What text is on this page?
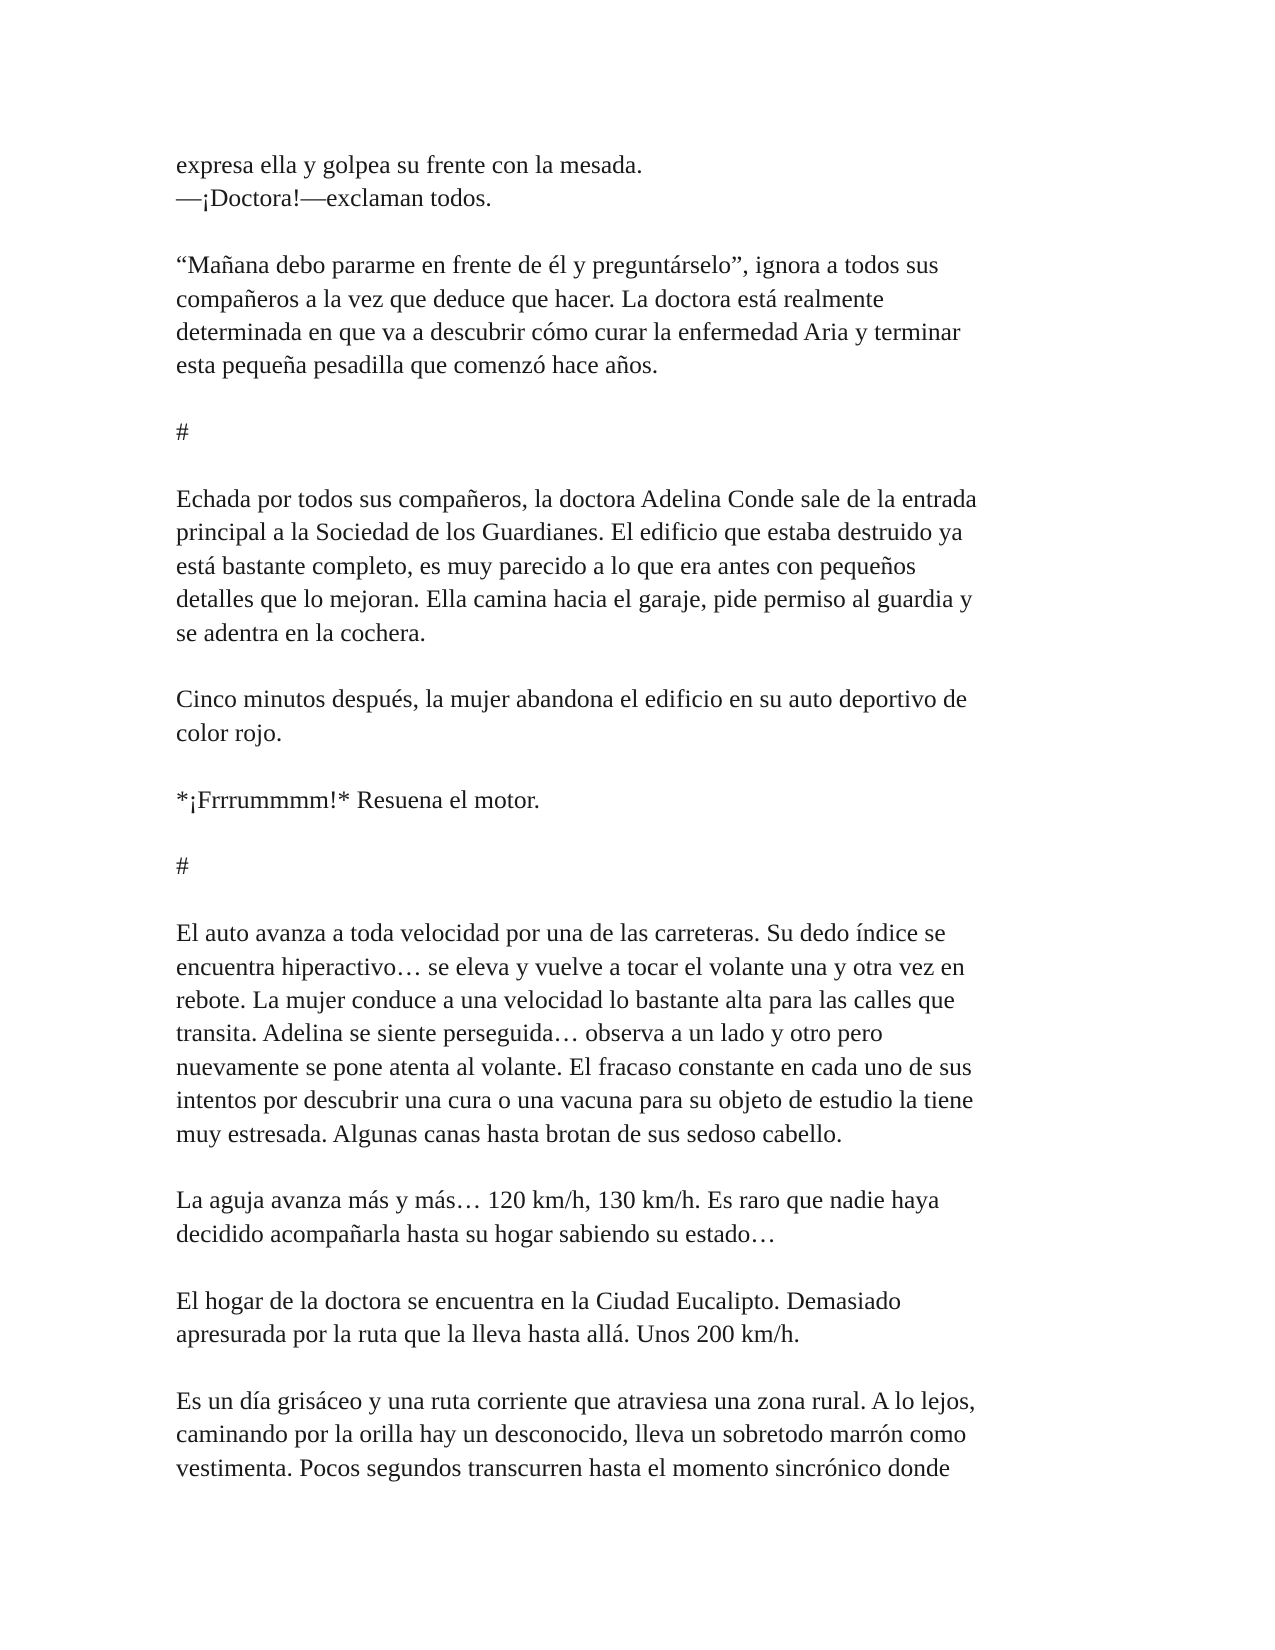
expresa ella y golpea su frente con la mesada.
—¡Doctora!—exclaman todos.
“Mañana debo pararme en frente de él y preguntárselo”, ignora a todos sus
compañeros a la vez que deduce que hacer. La doctora está realmente
determinada en que va a descubrir cómo curar la enfermedad Aria y terminar
esta pequeña pesadilla que comenzó hace años.
#
Echada por todos sus compañeros, la doctora Adelina Conde sale de la entrada
principal a la Sociedad de los Guardianes. El edificio que estaba destruido ya
está bastante completo, es muy parecido a lo que era antes con pequeños
detalles que lo mejoran. Ella camina hacia el garaje, pide permiso al guardia y
se adentra en la cochera.
Cinco minutos después, la mujer abandona el edificio en su auto deportivo de
color rojo.
*¡Frrrummmm!* Resuena el motor.
#
El auto avanza a toda velocidad por una de las carreteras. Su dedo índice se
encuentra hiperactivo… se eleva y vuelve a tocar el volante una y otra vez en
rebote. La mujer conduce a una velocidad lo bastante alta para las calles que
transita. Adelina se siente perseguida… observa a un lado y otro pero
nuevamente se pone atenta al volante. El fracaso constante en cada uno de sus
intentos por descubrir una cura o una vacuna para su objeto de estudio la tiene
muy estresada. Algunas canas hasta brotan de sus sedoso cabello.
La aguja avanza más y más… 120 km/h, 130 km/h. Es raro que nadie haya
decidido acompañarla hasta su hogar sabiendo su estado…
El hogar de la doctora se encuentra en la Ciudad Eucalipto. Demasiado
apresurada por la ruta que la lleva hasta allá. Unos 200 km/h.
Es un día grisáceo y una ruta corriente que atraviesa una zona rural. A lo lejos,
caminando por la orilla hay un desconocido, lleva un sobretodo marrón como
vestimenta. Pocos segundos transcurren hasta el momento sincrónico donde
